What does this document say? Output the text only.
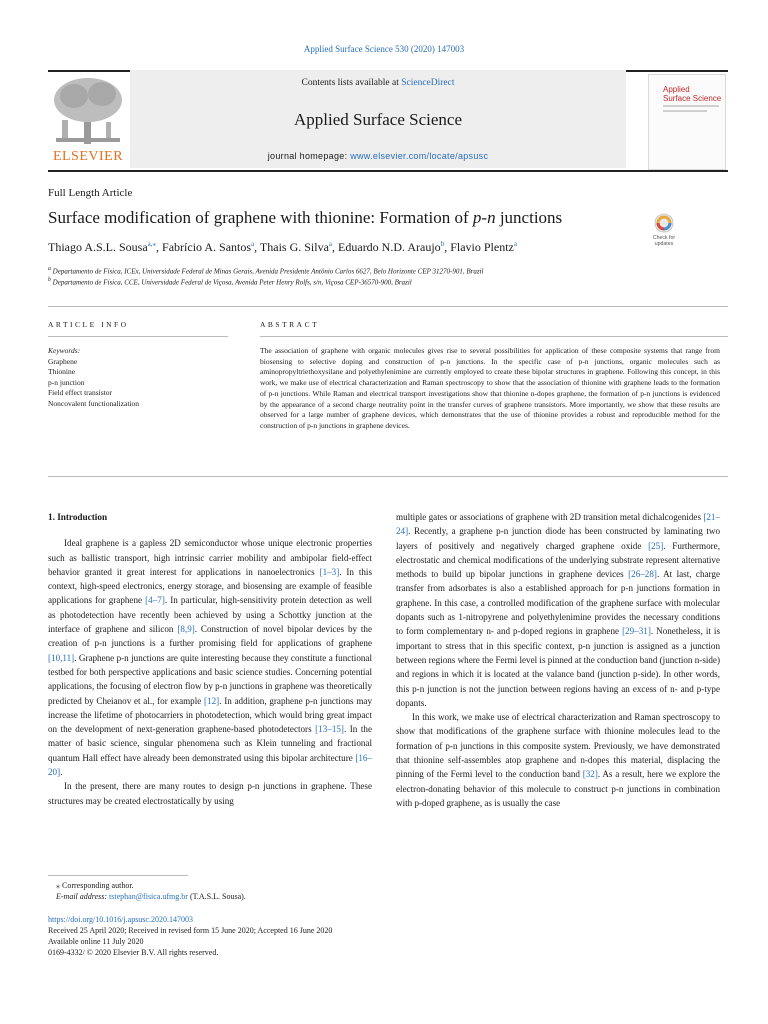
Applied Surface Science 530 (2020) 147003
ELSEVIER
Contents lists available at ScienceDirect
Applied Surface Science
journal homepage: www.elsevier.com/locate/apsusc
Applied
Surface Science
Full Length Article
Surface modification of graphene with thionine: Formation of p-n junctions
Check for
updates
Thiago A.S.L. Sousa$^{a,⁎}$, Fabrício A. Santos$^a$, Thais G. Silva$^a$, Eduardo N.D. Araujo$^b$, Flavio Plentz$^a$
$^a$ Departamento de Física, ICEx, Universidade Federal de Minas Gerais, Avenida Presidente Antônio Carlos 6627, Belo Horizonte CEP 31270-901, Brazil
$^b$ Departamento de Física, CCE, Universidade Federal de Viçosa, Avenida Peter Henry Rolfs, s/n, Viçosa CEP-36570-900, Brazil
ARTICLE INFO	ABSTRACT
Keywords:
Graphene
Thionine
p-n junction
Field effect transistor
Noncovalent functionalization
The association of graphene with organic molecules gives rise to several possibilities for application of these composite systems that range from biosensing to selective doping and construction of p-n junctions. In the specific case of p-n junctions, organic molecules such as aminopropyltriethoxysilane and polyethylenimine are currently employed to create these bipolar structures in graphene. Following this concept, in this work, we make use of electrical characterization and Raman spectroscopy to show that the association of thionine with graphene leads to the formation of p-n junctions. While Raman and electrical transport investigations show that thionine n-dopes graphene, the formation of p-n junctions is evidenced by the appearance of a second charge neutrality point in the transfer curves of graphene transistors. More importantly, we show that these results are observed for a large number of graphene devices, which demonstrates that the use of thionine provides a robust and reproducible method for the construction of p-n junctions in graphene devices.
1. Introduction

Ideal graphene is a gapless 2D semiconductor whose unique electronic properties such as ballistic transport, high intrinsic carrier mobility and ambipolar field-effect behavior granted it great interest for applications in nanoelectronics [1–3]. In this context, high-speed electronics, energy storage, and biosensing are example of feasible applications for graphene [4–7]. In particular, high-sensitivity protein detection as well as photodetection have recently been achieved by using a Schottky junction at the interface of graphene and silicon [8,9]. Construction of novel bipolar devices by the creation of p-n junctions is a further promising field for applications of graphene [10,11]. Graphene p-n junctions are quite interesting because they constitute a functional testbed for both perspective applications and basic science studies. Concerning potential applications, the focusing of electron flow by p-n junctions in graphene was theoretically predicted by Cheianov et al., for example [12]. In addition, graphene p-n junctions may increase the lifetime of photocarriers in photodetection, which would bring great impact on the development of next-generation graphene-based photodetectors [13–15]. In the matter of basic science, singular phenomena such as Klein tunneling and fractional quantum Hall effect have already been demonstrated using this bipolar architecture [16–20].

In the present, there are many routes to design p-n junctions in graphene. These structures may be created electrostatically by using

multiple gates or associations of graphene with 2D transition metal dichalcogenides [21–24]. Recently, a graphene p-n junction diode has been constructed by laminating two layers of positively and negatively charged graphene oxide [25]. Furthermore, electrostatic and chemical modifications of the underlying substrate represent alternative methods to build up bipolar junctions in graphene devices [26–28]. At last, charge transfer from adsorbates is also a established approach for p-n junctions formation in graphene. In this case, a controlled modification of the graphene surface with molecular dopants such as 1-nitropyrene and polyethylenimine provides the necessary conditions to form complementary n- and p-doped regions in graphene [29–31]. Nonetheless, it is important to stress that in this specific context, p-n junction is assigned as a junction between regions where the Fermi level is pinned at the conduction band (junction n-side) and regions in which it is located at the valance band (junction p-side). In other words, this p-n junction is not the junction between regions having an excess of n- and p-type dopants.

In this work, we make use of electrical characterization and Raman spectroscopy to show that modifications of the graphene surface with thionine molecules lead to the formation of p-n junctions in this composite system. Previously, we have demonstrated that thionine self-assembles atop graphene and n-dopes this material, displacing the pinning of the Fermi level to the conduction band [32]. As a result, here we explore the electron-donating behavior of this molecule to construct p-n junctions in combination with p-doped graphene, as is usually the case

⁎ Corresponding author.
E-mail address: tstephan@fisica.ufmg.br (T.A.S.L. Sousa).
https://doi.org/10.1016/j.apsusc.2020.147003
Received 25 April 2020; Received in revised form 15 June 2020; Accepted 16 June 2020
Available online 11 July 2020
0169-4332/ © 2020 Elsevier B.V. All rights reserved.
